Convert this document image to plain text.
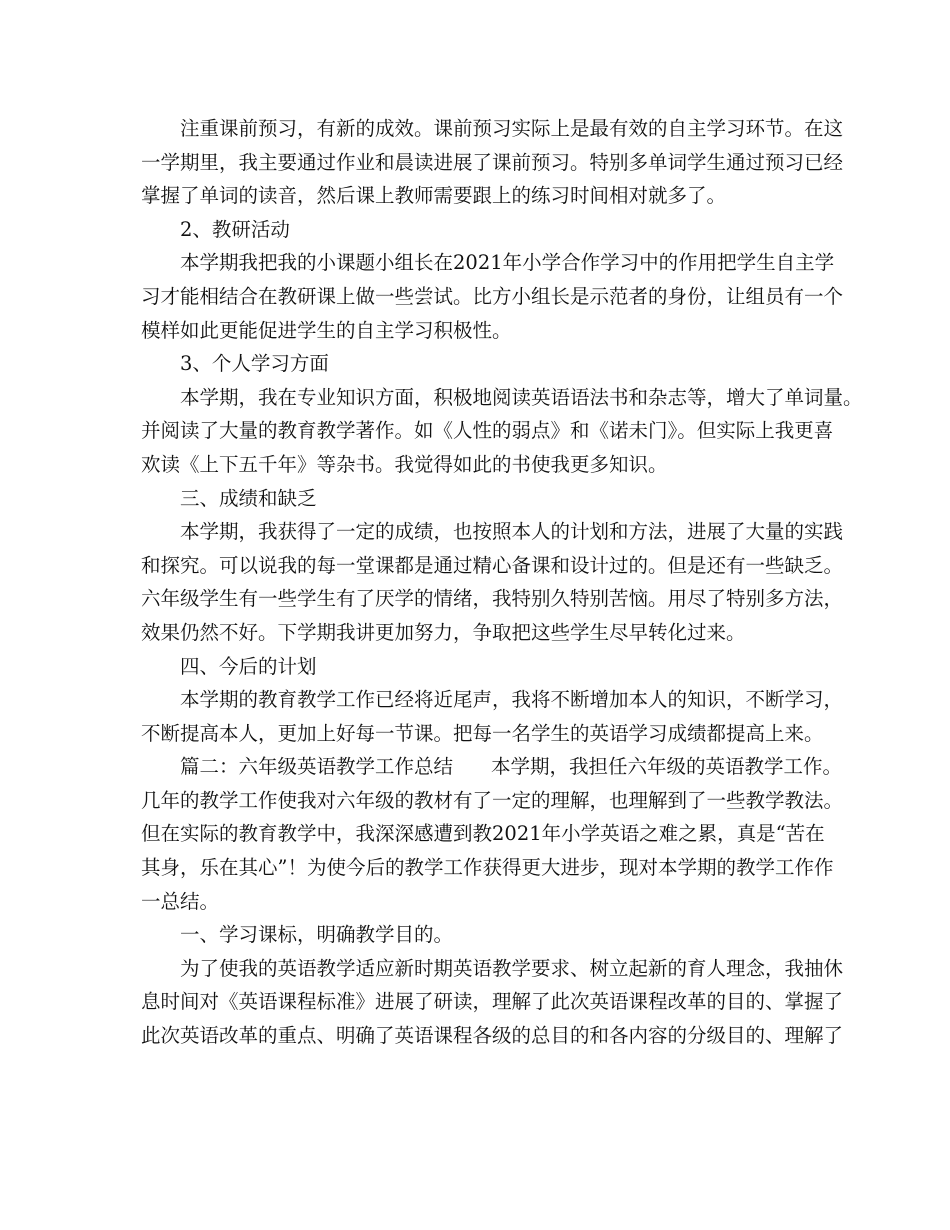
注重课前预习，有新的成效。课前预习实际上是最有效的自主学习环节。在这
一学期里，我主要通过作业和晨读进展了课前预习。特别多单词学生通过预习已经
掌握了单词的读音，然后课上教师需要跟上的练习时间相对就多了。
2、教研活动
本学期我把我的小课题小组长在2021年小学合作学习中的作用把学生自主学
习才能相结合在教研课上做一些尝试。比方小组长是示范者的身份，让组员有一个
模样如此更能促进学生的自主学习积极性。
3、个人学习方面
本学期，我在专业知识方面，积极地阅读英语语法书和杂志等，增大了单词量。
并阅读了大量的教育教学著作。如《人性的弱点》和《诺未门》。但实际上我更喜
欢读《上下五千年》等杂书。我觉得如此的书使我更多知识。
三、成绩和缺乏
本学期，我获得了一定的成绩，也按照本人的计划和方法，进展了大量的实践
和探究。可以说我的每一堂课都是通过精心备课和设计过的。但是还有一些缺乏。
六年级学生有一些学生有了厌学的情绪，我特别久特别苦恼。用尽了特别多方法，
效果仍然不好。下学期我讲更加努力，争取把这些学生尽早转化过来。
四、今后的计划
本学期的教育教学工作已经将近尾声，我将不断增加本人的知识，不断学习，
不断提高本人，更加上好每一节课。把每一名学生的英语学习成绩都提高上来。
篇二：六年级英语教学工作总结 本学期，我担任六年级的英语教学工作。
几年的教学工作使我对六年级的教材有了一定的理解，也理解到了一些教学教法。
但在实际的教育教学中，我深深感遭到教2021年小学英语之难之累，真是“苦在
其身，乐在其心”！为使今后的教学工作获得更大进步，现对本学期的教学工作作
一总结。
一、学习课标，明确教学目的。
为了使我的英语教学适应新时期英语教学要求、树立起新的育人理念，我抽休
息时间对《英语课程标准》进展了研读，理解了此次英语课程改革的目的、掌握了
此次英语改革的重点、明确了英语课程各级的总目的和各内容的分级目的、理解了
